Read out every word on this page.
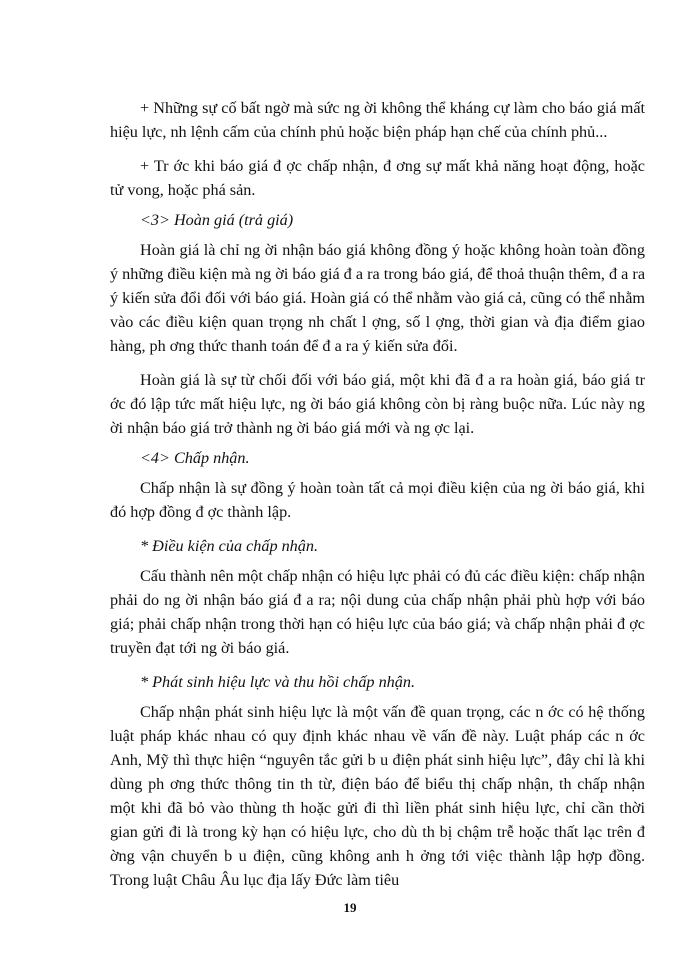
+ Những sự cố bất ngờ mà sức ng ời không thể kháng cự làm cho báo giá mất hiệu lực, nh lệnh cấm của chính phủ hoặc biện pháp hạn chế của chính phủ...

+ Tr ớc khi báo giá đ ợc chấp nhận, đ ơng sự mất khả năng hoạt động, hoặc tử vong, hoặc phá sản.

<3> Hoàn giá (trả giá)

Hoàn giá là chỉ ng ời nhận báo giá không đồng ý hoặc không hoàn toàn đồng ý những điều kiện mà ng ời báo giá đ a ra trong báo giá, để thoả thuận thêm, đ a ra ý kiến sửa đổi đối với báo giá. Hoàn giá có thể nhằm vào giá cả, cũng có thể nhằm vào các điều kiện quan trọng nh chất l ợng, số l ợng, thời gian và địa điểm giao hàng, ph ơng thức thanh toán để đ a ra ý kiến sửa đổi.

Hoàn giá là sự từ chối đối với báo giá, một khi đã đ a ra hoàn giá, báo giá tr ớc đó lập tức mất hiệu lực, ng ời báo giá không còn bị ràng buộc nữa. Lúc này ng ời nhận báo giá trở thành ng ời báo giá mới và ng ợc lại.

<4> Chấp nhận.

Chấp nhận là sự đồng ý hoàn toàn tất cả mọi điều kiện của ng ời báo giá, khi đó hợp đồng đ ợc thành lập.

* Điều kiện của chấp nhận.

Cấu thành nên một chấp nhận có hiệu lực phải có đủ các điều kiện: chấp nhận phải do ng ời nhận báo giá đ a ra; nội dung của chấp nhận phải phù hợp với báo giá; phải chấp nhận trong thời hạn có hiệu lực của báo giá; và chấp nhận phải đ ợc truyền đạt tới ng ời báo giá.

* Phát sinh hiệu lực và thu hồi chấp nhận.

Chấp nhận phát sinh hiệu lực là một vấn đề quan trọng, các n ớc có hệ thống luật pháp khác nhau có quy định khác nhau về vấn đề này. Luật pháp các n ớc Anh, Mỹ thì thực hiện “nguyên tắc gửi b u điện phát sinh hiệu lực”, đây chỉ là khi dùng ph ơng thức thông tin th từ, điện báo để biểu thị chấp nhận, th chấp nhận một khi đã bỏ vào thùng th hoặc gửi đi thì liền phát sinh hiệu lực, chỉ cần thời gian gửi đi là trong kỳ hạn có hiệu lực, cho dù th bị chậm trễ hoặc thất lạc trên đ ờng vận chuyển b u điện, cũng không anh h ởng tới việc thành lập hợp đồng. Trong luật Châu Âu lục địa lấy Đức làm tiêu

19
